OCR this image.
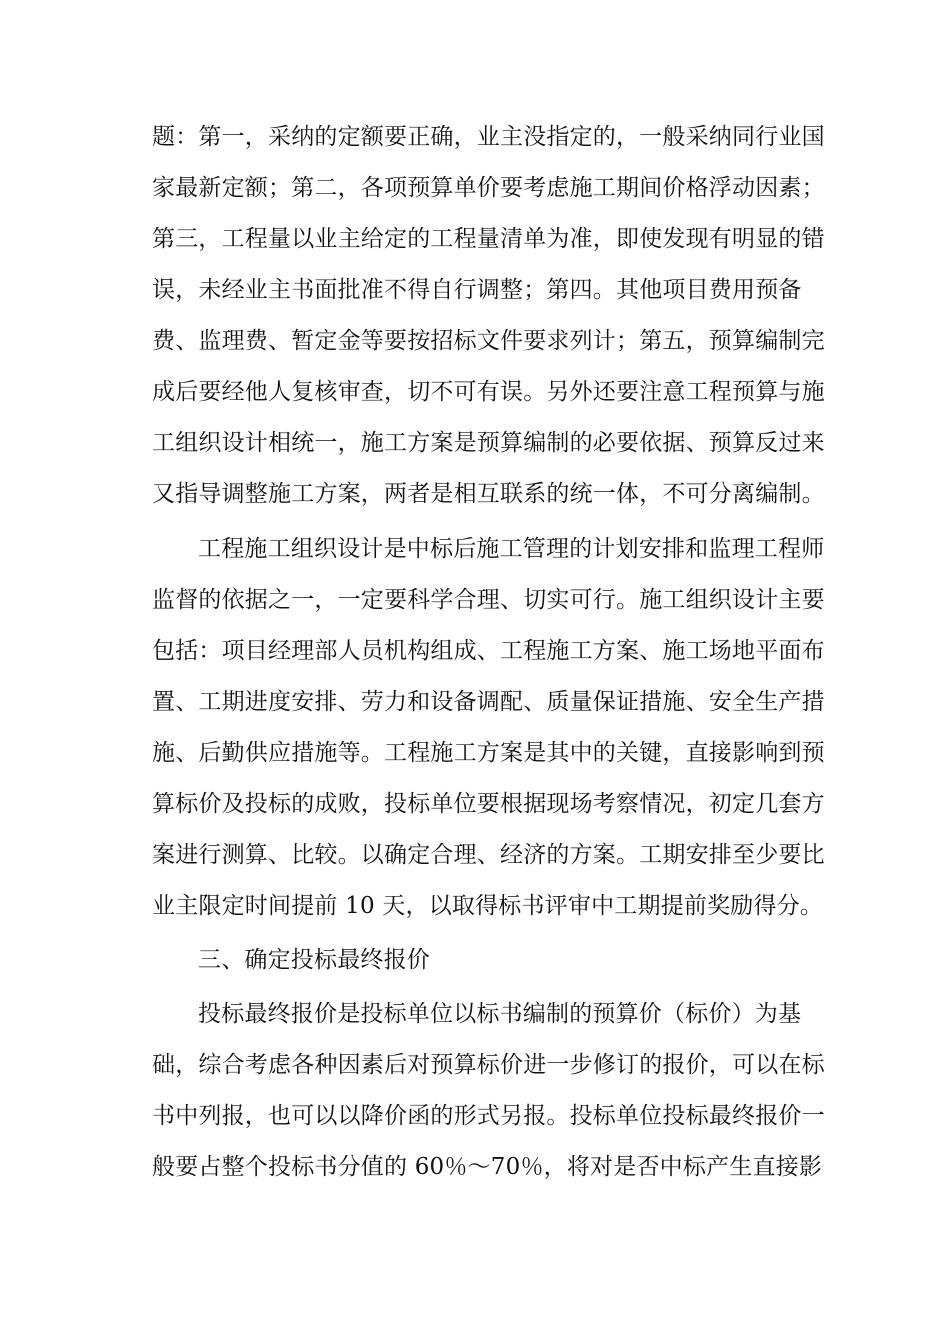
题：第一，采纳的定额要正确，业主没指定的，一般采纳同行业国
家最新定额；第二，各项预算单价要考虑施工期间价格浮动因素；
第三，工程量以业主给定的工程量清单为准，即使发现有明显的错
误，未经业主书面批准不得自行调整；第四。其他项目费用预备
费、监理费、暂定金等要按招标文件要求列计；第五，预算编制完
成后要经他人复核审查，切不可有误。另外还要注意工程预算与施
工组织设计相统一，施工方案是预算编制的必要依据、预算反过来
又指导调整施工方案，两者是相互联系的统一体，不可分离编制。
工程施工组织设计是中标后施工管理的计划安排和监理工程师
监督的依据之一，一定要科学合理、切实可行。施工组织设计主要
包括：项目经理部人员机构组成、工程施工方案、施工场地平面布
置、工期进度安排、劳力和设备调配、质量保证措施、安全生产措
施、后勤供应措施等。工程施工方案是其中的关键，直接影响到预
算标价及投标的成败，投标单位要根据现场考察情况，初定几套方
案进行测算、比较。以确定合理、经济的方案。工期安排至少要比
业主限定时间提前 10 天，以取得标书评审中工期提前奖励得分。
三、确定投标最终报价
投标最终报价是投标单位以标书编制的预算价（标价）为基
础，综合考虑各种因素后对预算标价进一步修订的报价，可以在标
书中列报，也可以以降价函的形式另报。投标单位投标最终报价一
般要占整个投标书分值的 60％～70％，将对是否中标产生直接影
